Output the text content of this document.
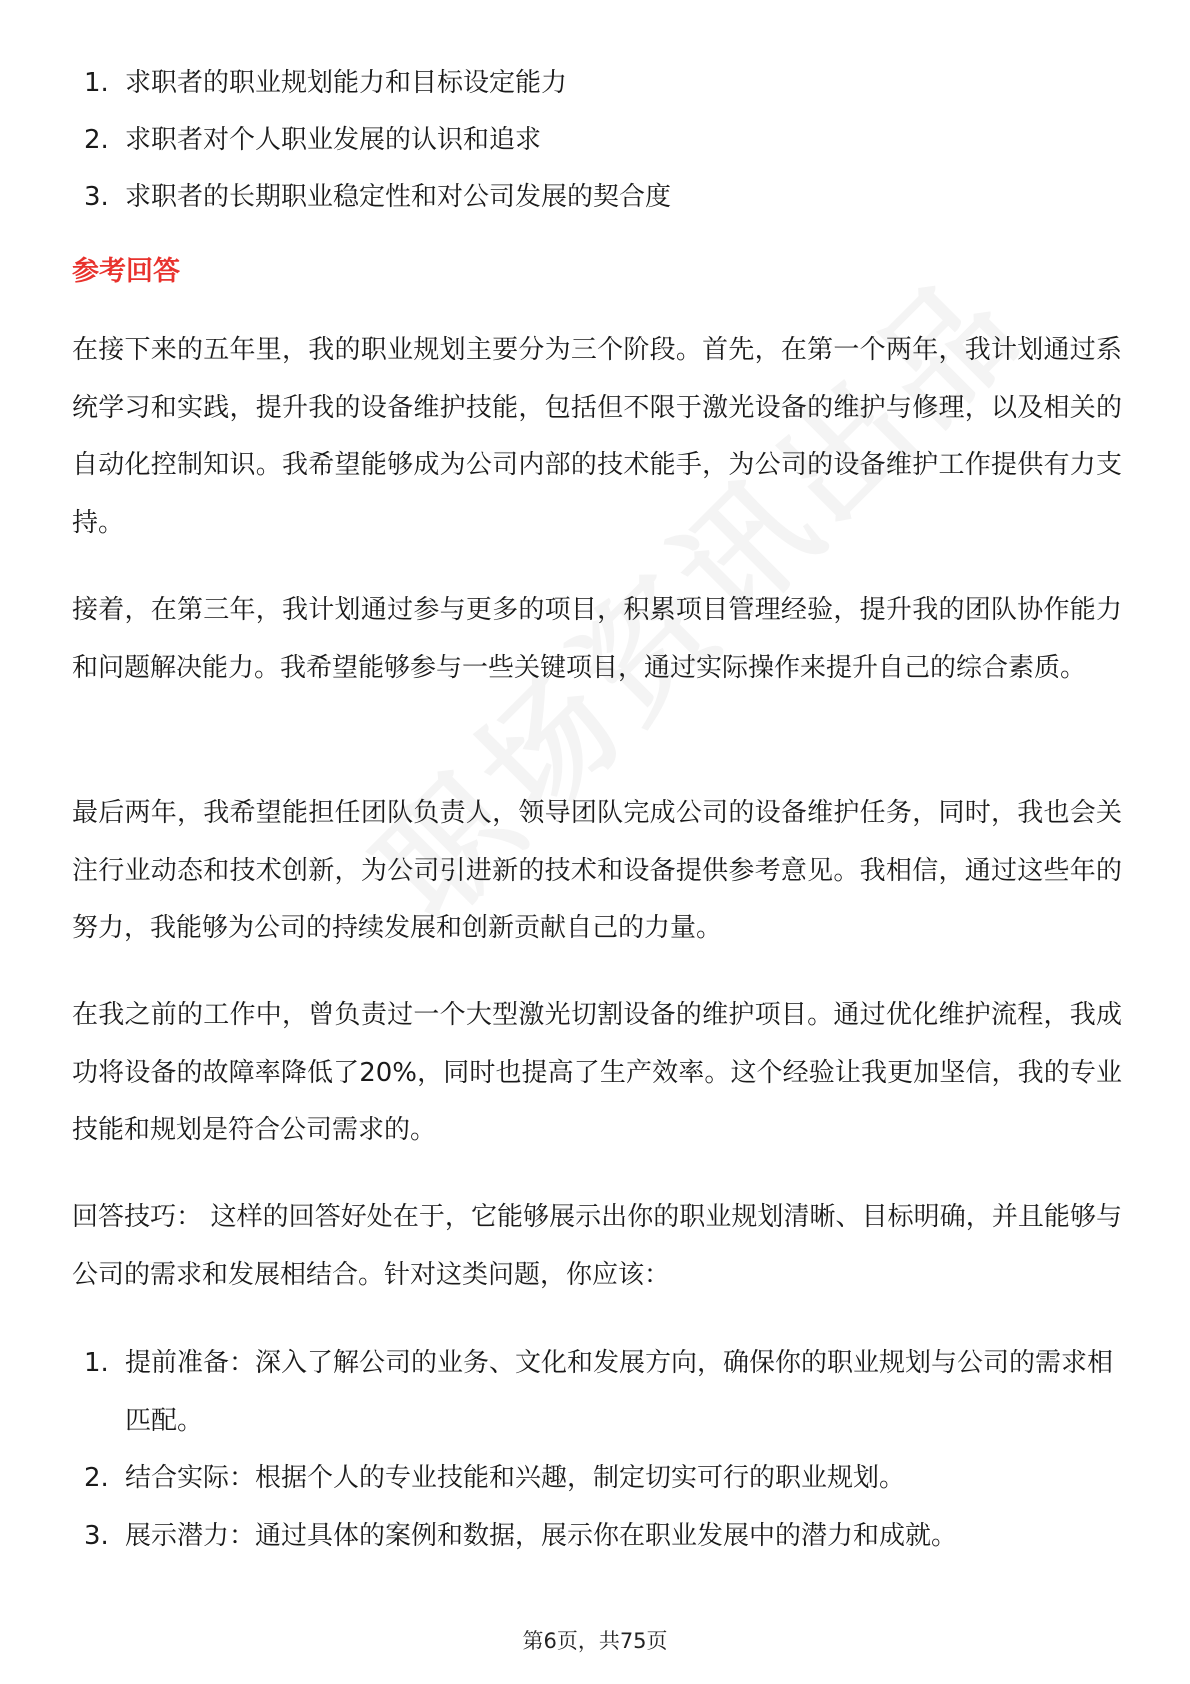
1. 求职者的职业规划能力和目标设定能力
2. 求职者对个人职业发展的认识和追求
3. 求职者的长期职业稳定性和对公司发展的契合度
参考回答

在接下来的五年里，我的职业规划主要分为三个阶段。首先，在第一个两年，我计划通过系统学习和实践，提升我的设备维护技能，包括但不限于激光设备的维护与修理，以及相关的自动化控制知识。我希望能够成为公司内部的技术能手，为公司的设备维护工作提供有力支持。

接着，在第三年，我计划通过参与更多的项目，积累项目管理经验，提升我的团队协作能力和问题解决能力。我希望能够参与一些关键项目，通过实际操作来提升自己的综合素质。

最后两年，我希望能担任团队负责人，领导团队完成公司的设备维护任务，同时，我也会关注行业动态和技术创新，为公司引进新的技术和设备提供参考意见。我相信，通过这些年的努力，我能够为公司的持续发展和创新贡献自己的力量。

在我之前的工作中，曾负责过一个大型激光切割设备的维护项目。通过优化维护流程，我成功将设备的故障率降低了20%，同时也提高了生产效率。这个经验让我更加坚信，我的专业技能和规划是符合公司需求的。

回答技巧： 这样的回答好处在于，它能够展示出你的职业规划清晰、目标明确，并且能够与公司的需求和发展相结合。针对这类问题，你应该：

1. 提前准备：深入了解公司的业务、文化和发展方向，确保你的职业规划与公司的需求相匹配。
2. 结合实际：根据个人的专业技能和兴趣，制定切实可行的职业规划。
3. 展示潜力：通过具体的案例和数据，展示你在职业发展中的潜力和成就。
第6页，共75页
